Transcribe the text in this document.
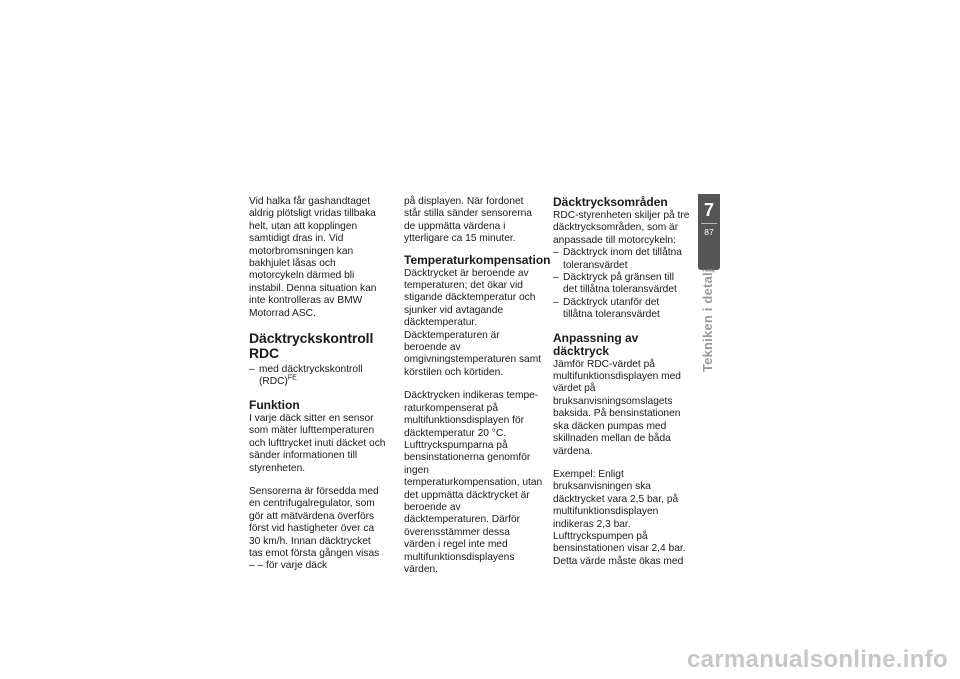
Vid halka får gashandtaget aldrig plötsligt vridas tillbaka helt, utan att kopplingen samtidigt dras in. Vid motorbromsningen kan bakhjulet låsas och motorcykeln därmed bli instabil. Denna situation kan inte kontrolleras av BMW Motorrad ASC.

Däcktryckskontroll RDC
– med däcktryckskontroll (RDC)$^{FE}$
Funktion

I varje däck sitter en sensor som mäter lufttemperaturen och lufttrycket inuti däcket och sänder informationen till styrenheten.

Sensorerna är försedda med en centrifugalregulator, som gör att mätvärdena överförs först vid hastigheter över ca 30 km/h. Innan däcktrycket tas emot första gången visas – – för varje däck

på displayen. När fordonet står stilla sänder sensorerna de uppmätta värdena i ytterligare ca 15 minuter.

Temperaturkompensation

Däcktrycket är beroende av temperaturen; det ökar vid stigande däcktemperatur och sjunker vid avtagande däcktemperatur. Däcktemperaturen är beroende av omgivningstemperaturen samt körstilen och körtiden.

Däcktrycken indikeras temperaturkompenserat på multifunktionsdisplayen för däcktemperatur 20 °C. Lufttryckspumparna på bensinstationerna genomför ingen temperaturkompensation, utan det uppmätta däcktrycket är beroende av däcktemperaturen. Därför överensstämmer dessa värden i regel inte med multifunktionsdisplayens värden.

Däcktrycksområden

RDC-styrenheten skiljer på tre däcktrycksområden, som är anpassade till motorcykeln:

– Däcktryck inom det tillåtna toleransvärdet
– Däcktryck på gränsen till det tillåtna toleransvärdet
– Däcktryck utanför det tillåtna toleransvärdet
Anpassning av däcktryck

Jämför RDC-värdet på multifunktionsdisplayen med värdet på bruksanvisningsomslagets baksida. På bensinstationen ska däcken pumpas med skillnaden mellan de båda värdena.

Exempel: Enligt bruksanvisningen ska däcktrycket vara 2,5 bar, på multifunktionsdisplayen indikeras 2,3 bar. Lufttryckspumpen på bensinstationen visar 2,4 bar. Detta värde måste ökas med

7
87
Tekniken i detalj
carmanualsonline.info
